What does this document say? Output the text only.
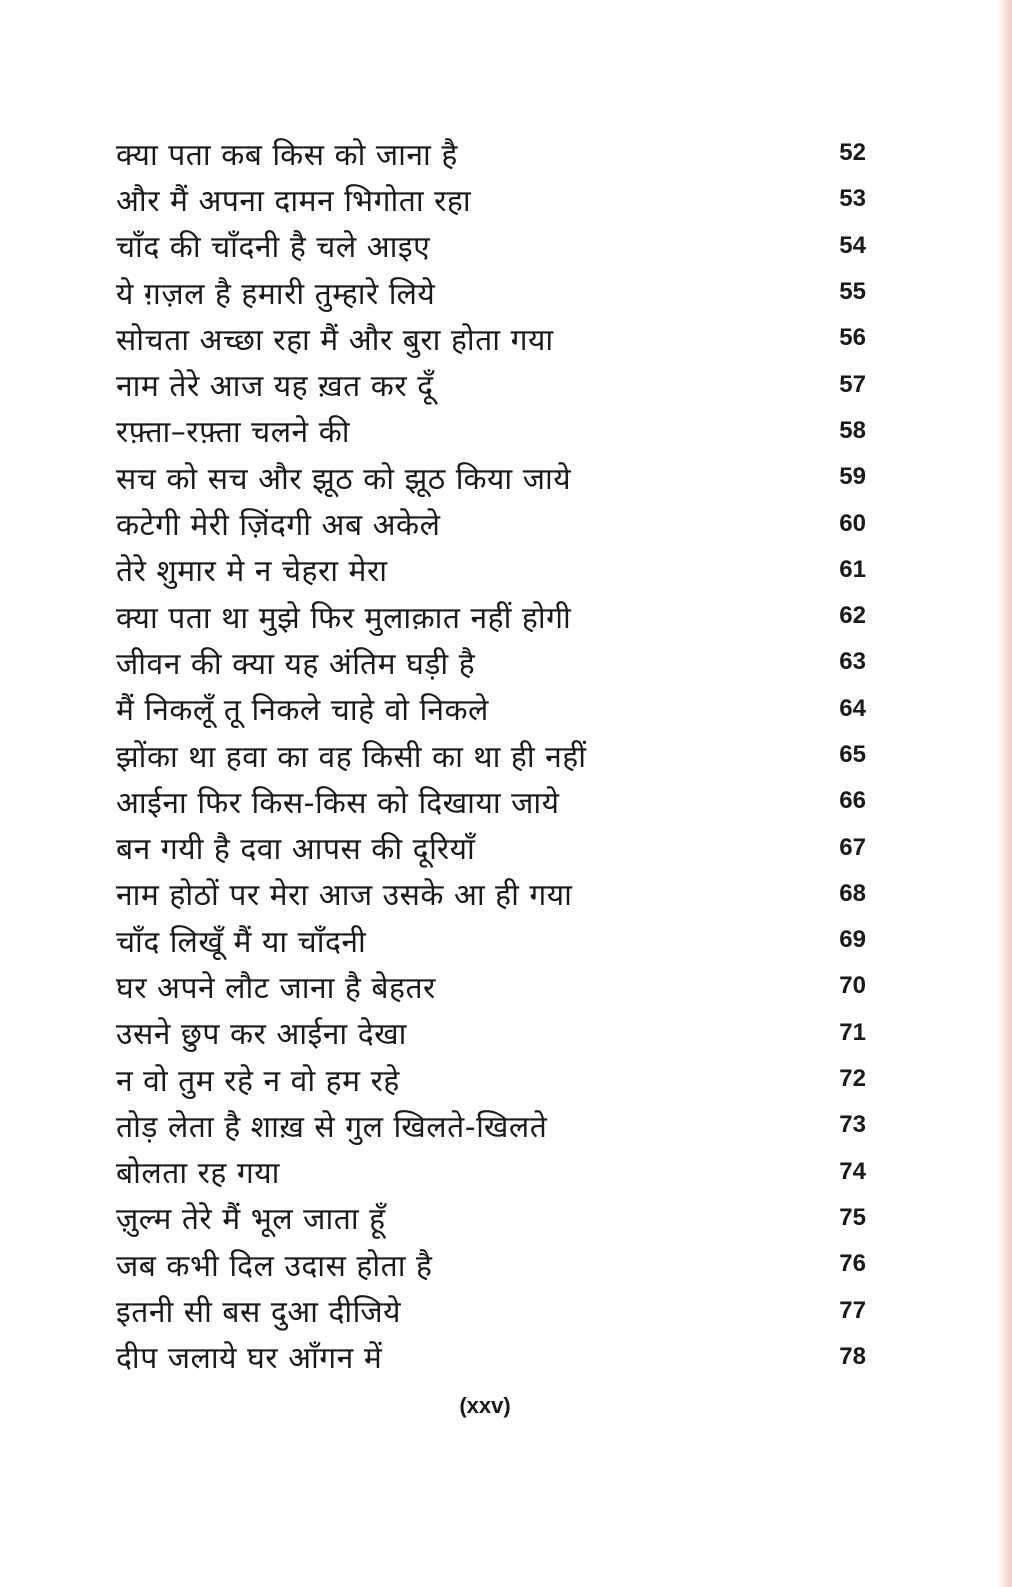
क्या पता कब किस को जाना है	52
और मैं अपना दामन भिगोता रहा	53
चाँद की चाँदनी है चले आइए	54
ये ग़ज़ल है हमारी तुम्हारे लिये	55
सोचता अच्छा रहा मैं और बुरा होता गया	56
नाम तेरे आज यह ख़त कर दूँ	57
रफ़्ता–रफ़्ता चलने की	58
सच को सच और झूठ को झूठ किया जाये	59
कटेगी मेरी ज़िंदगी अब अकेले	60
तेरे शुमार मे न चेहरा मेरा	61
क्या पता था मुझे फिर मुलाक़ात नहीं होगी	62
जीवन की क्या यह अंतिम घड़ी है	63
मैं निकलूँ तू निकले चाहे वो निकले	64
झोंका था हवा का वह किसी का था ही नहीं	65
आईना फिर किस-किस को दिखाया जाये	66
बन गयी है दवा आपस की दूरियाँ	67
नाम होठों पर मेरा आज उसके आ ही गया	68
चाँद लिखूँ मैं या चाँदनी	69
घर अपने लौट जाना है बेहतर	70
उसने छुप कर आईना देखा	71
न वो तुम रहे न वो हम रहे	72
तोड़ लेता है शाख़ से गुल खिलते-खिलते	73
बोलता रह गया	74
ज़ुल्म तेरे मैं भूल जाता हूँ	75
जब कभी दिल उदास होता है	76
इतनी सी बस दुआ दीजिये	77
दीप जलाये घर आँगन में	78
(xxv)
